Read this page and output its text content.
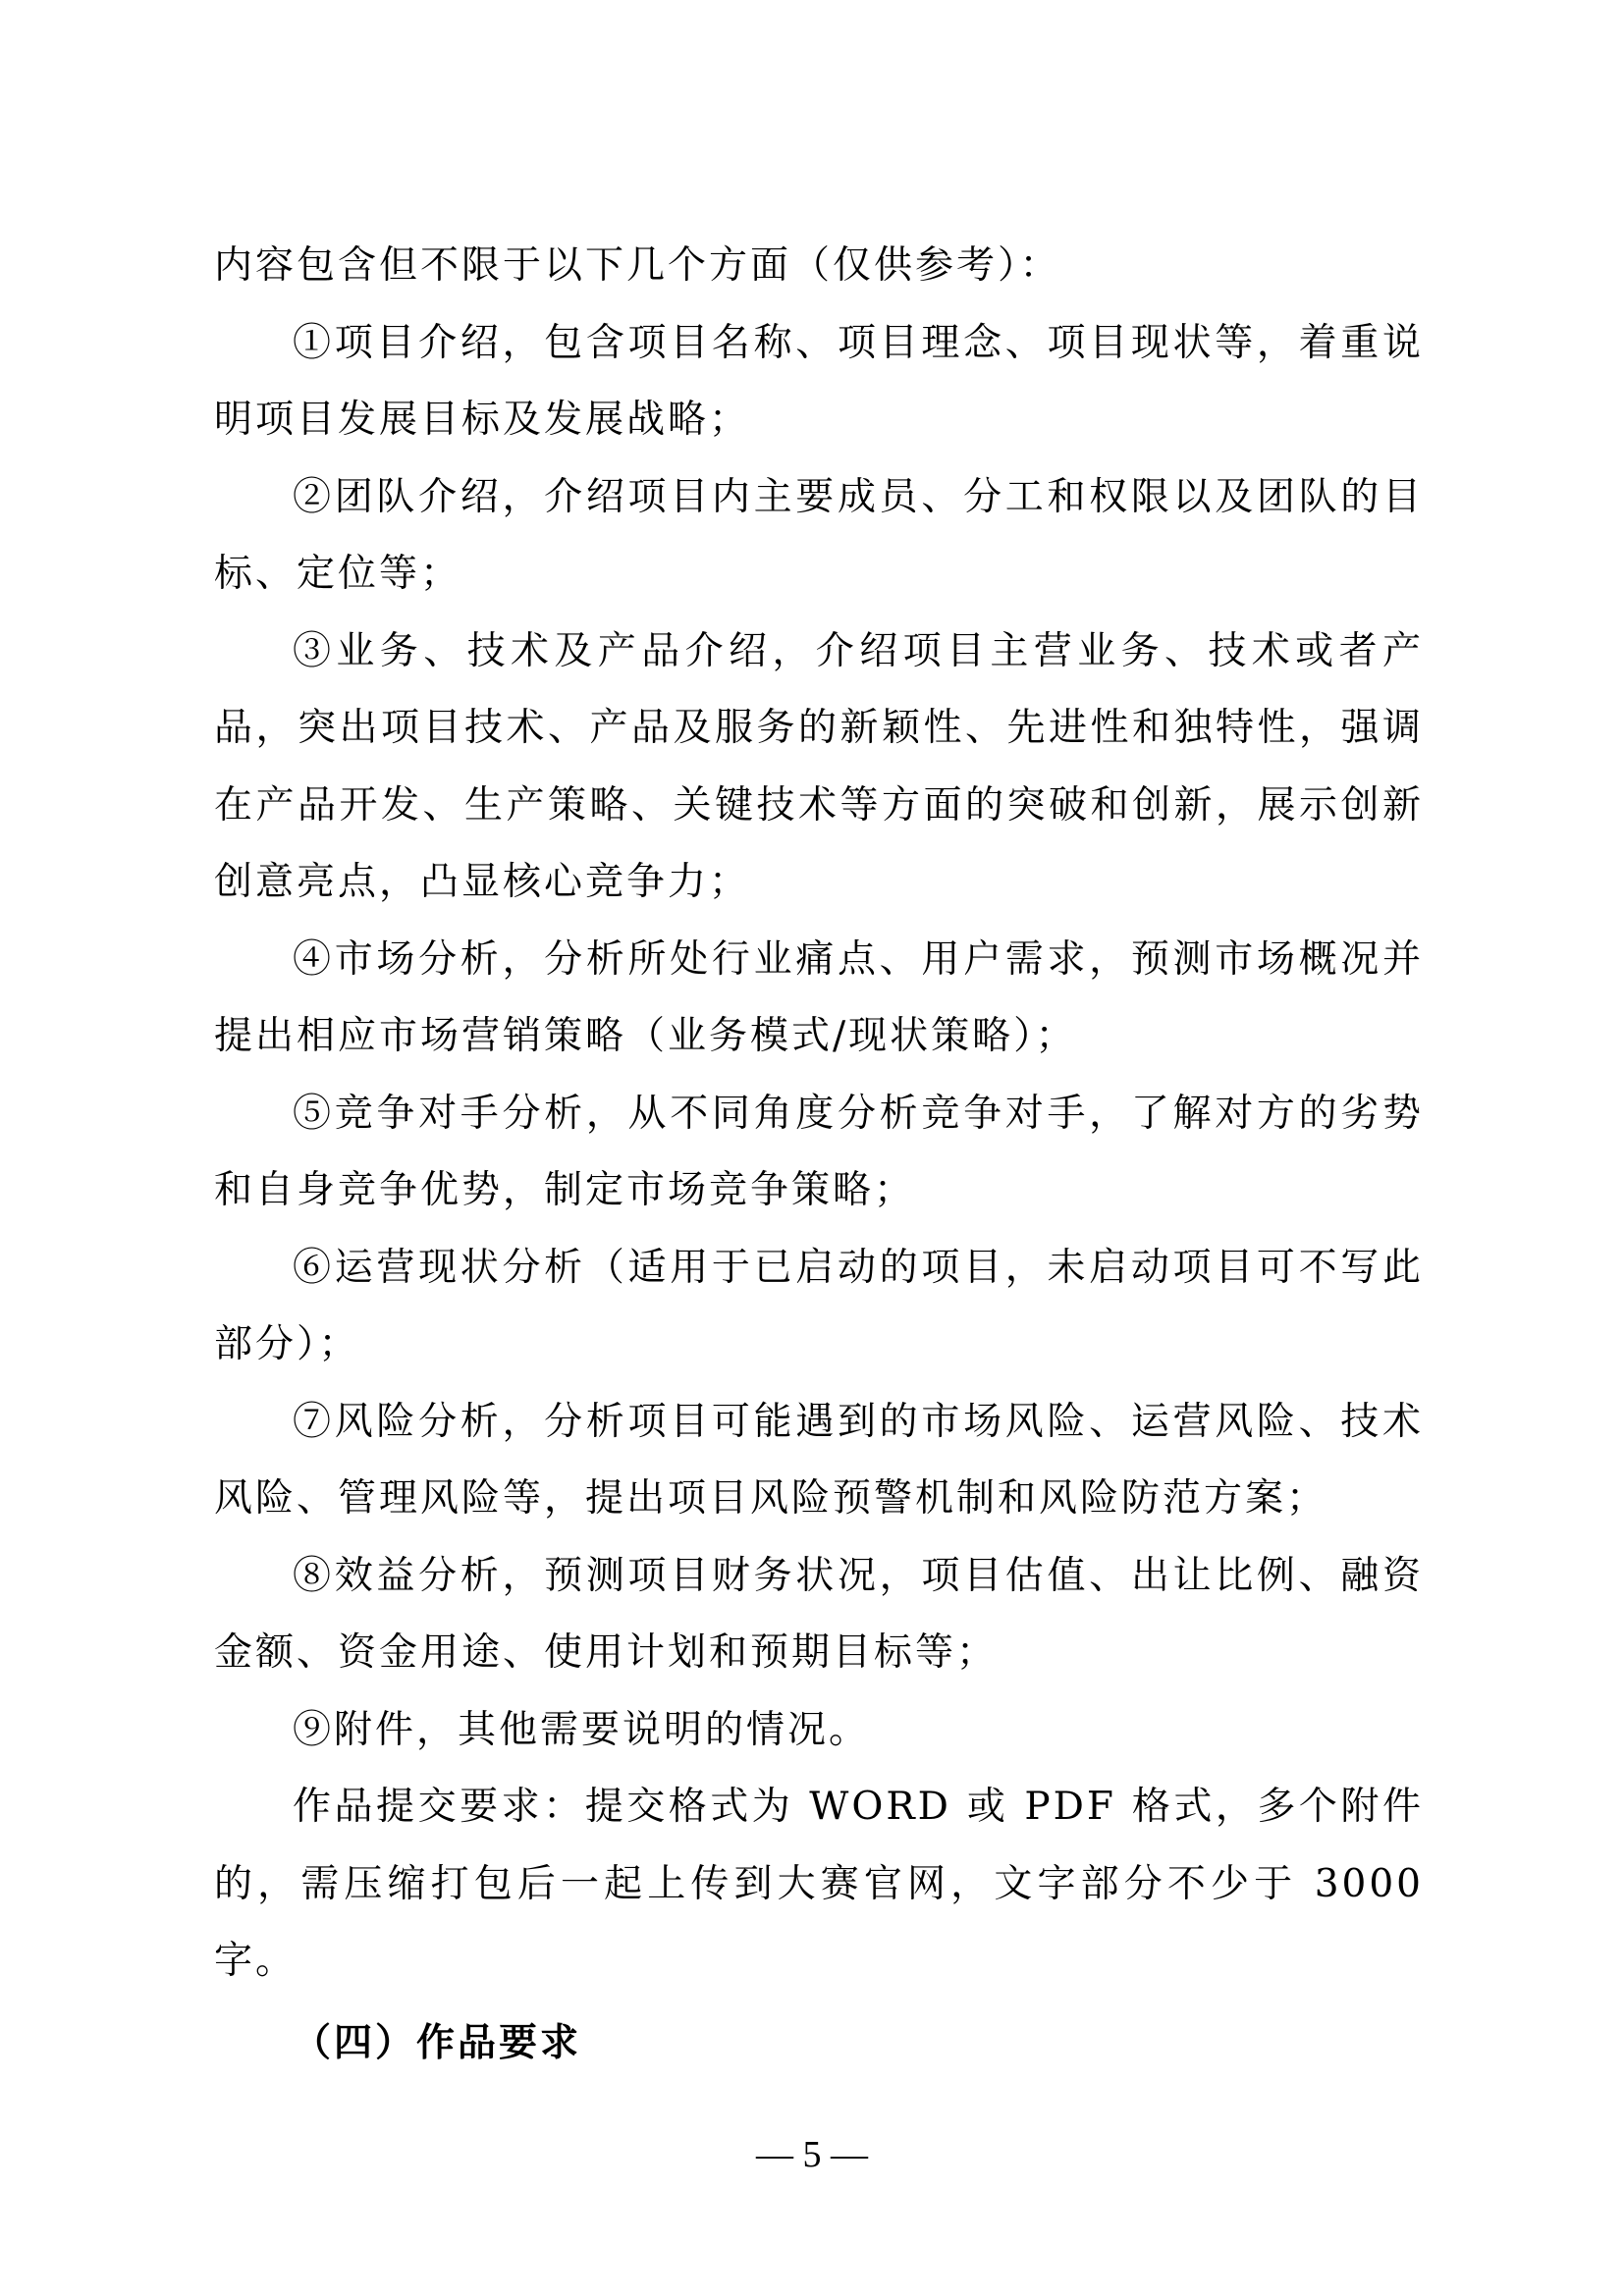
内容包含但不限于以下几个方面（仅供参考）：

①项目介绍，包含项目名称、项目理念、项目现状等，着重说明项目发展目标及发展战略；

②团队介绍，介绍项目内主要成员、分工和权限以及团队的目标、定位等；

③业务、技术及产品介绍，介绍项目主营业务、技术或者产品，突出项目技术、产品及服务的新颖性、先进性和独特性，强调在产品开发、生产策略、关键技术等方面的突破和创新，展示创新创意亮点，凸显核心竞争力；

④市场分析，分析所处行业痛点、用户需求，预测市场概况并提出相应市场营销策略（业务模式/现状策略）；

⑤竞争对手分析，从不同角度分析竞争对手，了解对方的劣势和自身竞争优势，制定市场竞争策略；

⑥运营现状分析（适用于已启动的项目，未启动项目可不写此部分）；

⑦风险分析，分析项目可能遇到的市场风险、运营风险、技术风险、管理风险等，提出项目风险预警机制和风险防范方案；

⑧效益分析，预测项目财务状况，项目估值、出让比例、融资金额、资金用途、使用计划和预期目标等；

⑨附件，其他需要说明的情况。

作品提交要求：提交格式为 WORD 或 PDF 格式，多个附件的，需压缩打包后一起上传到大赛官网，文字部分不少于 3000字。

（四）作品要求

— 5 —
